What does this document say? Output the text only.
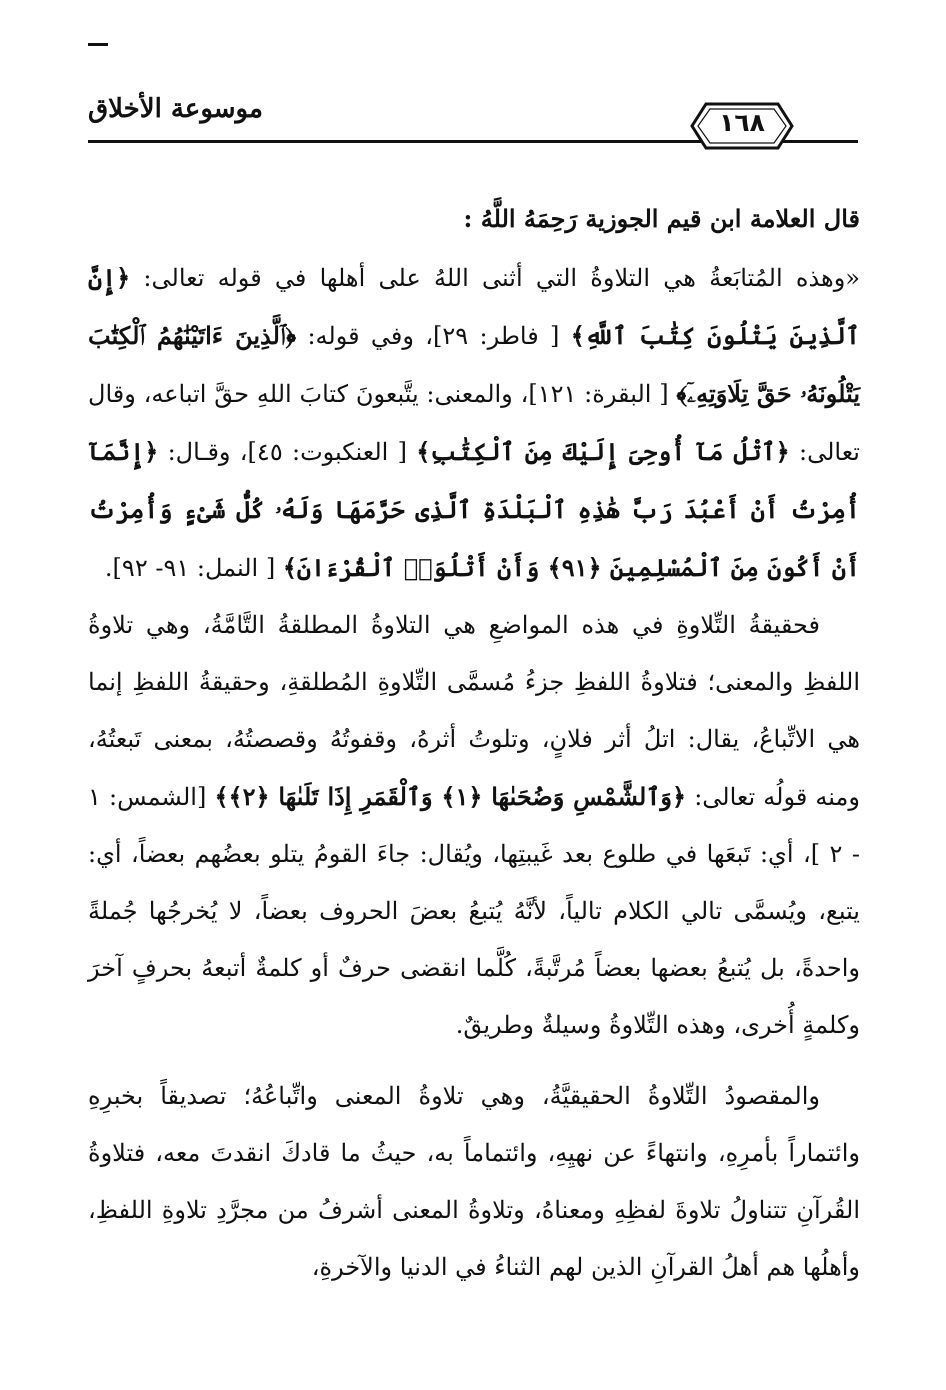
موسوعة الأخلاق	١٦٨

قال العلامة ابن قيم الجوزية رَحِمَهُ اللَّهُ :

«وهذه المُتابَعةُ هي التلاوةُ التي أثنى اللهُ على أهلها في قوله تعالى: ﴿إِنَّ ٱلَّذِينَ يَتْلُونَ كِتَٰبَ ٱللَّهِ﴾ [ فاطر: ٢٩]، وفي قوله: ﴿ٱلَّذِينَ ءَاتَيْنَٰهُمُ ٱلْكِتَٰبَ يَتْلُونَهُۥ حَقَّ تِلَاوَتِهِۦٓ﴾ [ البقرة: ١٢١]، والمعنى: يتَّبعونَ كتابَ اللهِ حقَّ اتباعه، وقال تعالى: ﴿ٱتْلُ مَآ أُوحِىَ إِلَيْكَ مِنَ ٱلْكِتَٰبِ﴾ [ العنكبوت: ٤٥]، وقـال: ﴿إِنَّمَآ أُمِرْتُ أَنْ أَعْبُدَ رَبَّ هَٰذِهِ ٱلْبَلْدَةِ ٱلَّذِى حَرَّمَهَا وَلَهُۥ كُلُّ شَىْءٍ وَأُمِرْتُ أَنْ أَكُونَ مِنَ ٱلْمُسْلِمِينَ ﴿٩١﴾ وَأَنْ أَتْلُوَا۟ ٱلْقُرْءَانَ﴾ [ النمل: ٩١- ٩٢].

فحقيقةُ التِّلاوةِ في هذه المواضعِ هي التلاوةُ المطلقةُ التَّامَّةُ، وهي تلاوةُ اللفظِ والمعنى؛ فتلاوةُ اللفظِ جزءُ مُسمَّى التِّلاوةِ المُطلقةِ، وحقيقةُ اللفظِ إنما هي الاتِّباعُ، يقال: اتلُ أثر فلانٍ، وتلوتُ أثرهُ، وقفوتُهُ وقصصتُهُ، بمعنى تَبعتُهُ، ومنه قولُه تعالى: ﴿وَٱلشَّمْسِ وَضُحَىٰهَا ﴿١﴾ وَٱلْقَمَرِ إِذَا تَلَىٰهَا ﴿٢﴾﴾ [الشمس: ١ - ٢ ]، أي: تَبعَها في طلوع بعد غَيبتِها، ويُقال: جاءَ القومُ يتلو بعضُهم بعضاً، أي: يتبع، ويُسمَّى تالي الكلام تالياً، لأنَّهُ يُتبعُ بعضَ الحروف بعضاً، لا يُخرجُها جُملةً واحدةً، بل يُتبعُ بعضها بعضاً مُرتَّبةً، كُلَّما انقضى حرفٌ أو كلمةٌ أتبعهُ بحرفٍ آخرَ وكلمةٍ أُخرى، وهذه التِّلاوةُ وسيلةٌ وطريقٌ.

والمقصودُ التِّلاوةُ الحقيقيَّةُ، وهي تلاوةُ المعنى واتِّباعُهُ؛ تصديقاً بخبرِهِ وائتماراً بأمرِهِ، وانتهاءً عن نهيِهِ، وائتماماً به، حيثُ ما قادكَ انقدتَ معه، فتلاوةُ القُرآنِ تتناولُ تلاوةَ لفظِهِ ومعناهُ، وتلاوةُ المعنى أشرفُ من مجرَّدِ تلاوةِ اللفظِ، وأهلُها هم أهلُ القرآنِ الذين لهم الثناءُ في الدنيا والآخرةِ،
